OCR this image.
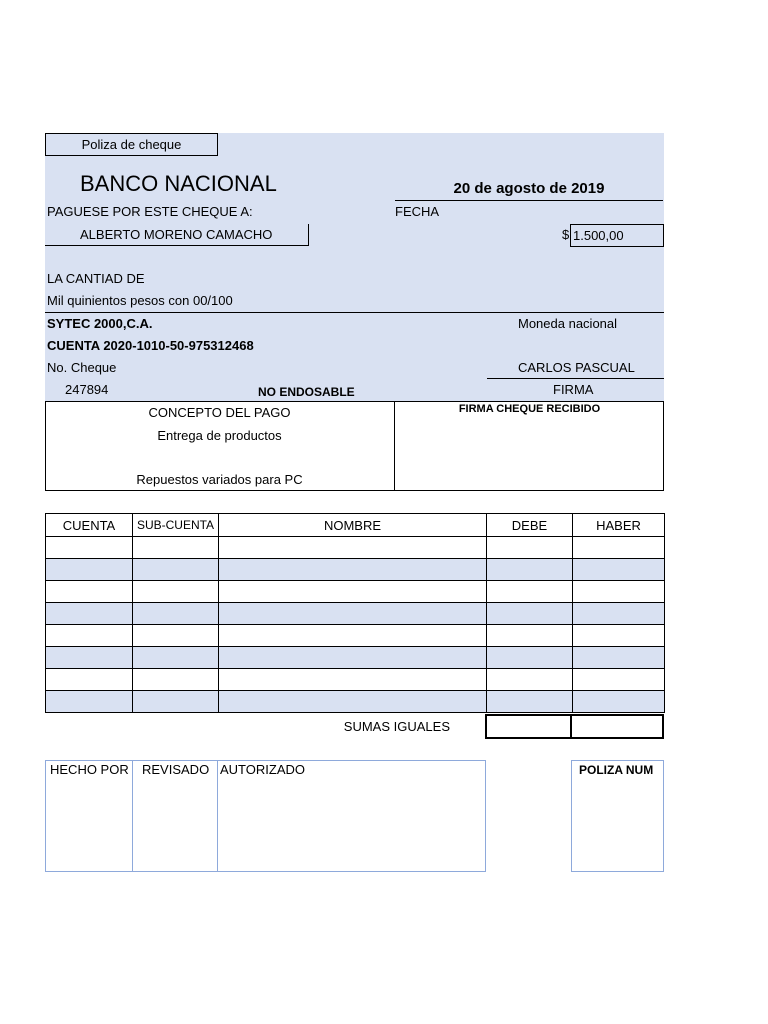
Poliza de cheque
BANCO NACIONAL	20 de agosto de 2019
PAGUESE POR ESTE CHEQUE A:	FECHA
ALBERTO MORENO CAMACHO	$ 1.500,00
LA CANTIAD DE
Mil quinientos pesos con 00/100
SYTEC 2000,C.A.	Moneda nacional
CUENTA 2020-1010-50-975312468
No. Cheque	CARLOS PASCUAL
247894	NO ENDOSABLE	FIRMA
CONCEPTO DEL PAGO
Entrega de productos
Repuestos variados para PC
FIRMA CHEQUE RECIBIDO
CUENTA	SUB-CUENTA	NOMBRE	DEBE	HABER

SUMAS IGUALES
HECHO POR REVISADO AUTORIZADO	POLIZA NUM
